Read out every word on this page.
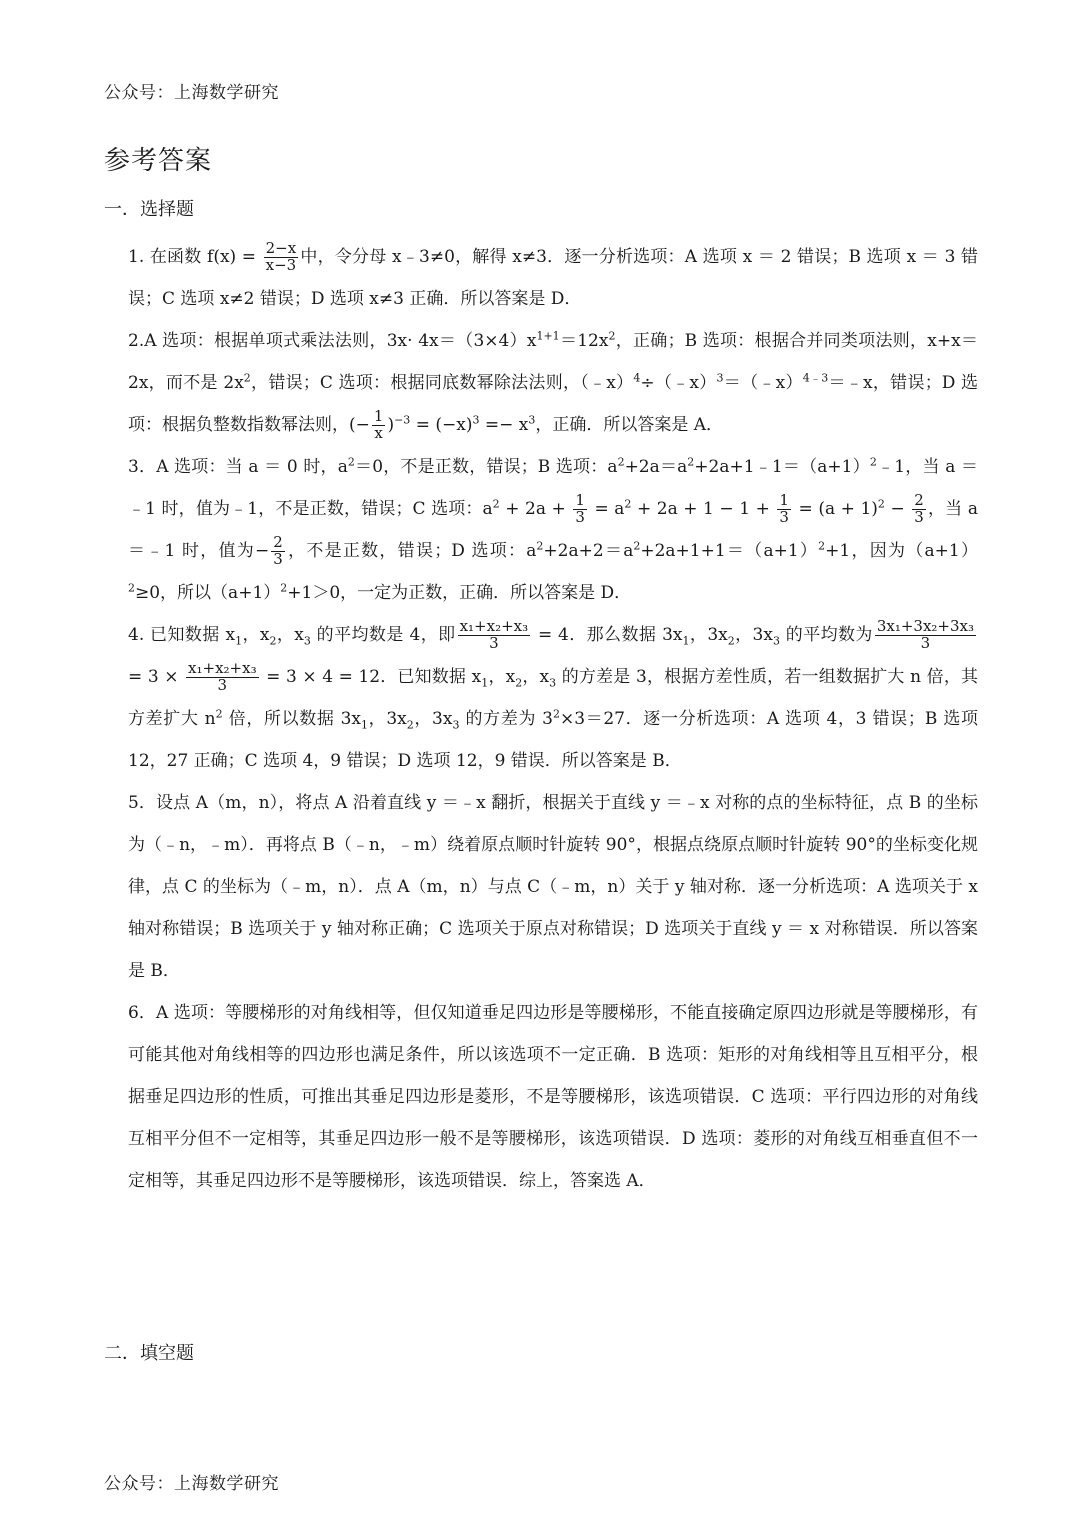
公众号：上海数学研究
参考答案
一．选择题

1. 在函数 $f(x) = \frac{2-x}{x-3}$ 中，令分母 x﹣3≠0，解得 x≠3．逐一分析选项：A 选项 x ＝ 2 错误；B 选项 x ＝ 3 错误；C 选项 x≠2 错误；D 选项 x≠3 正确．所以答案是 D．

2.A 选项：根据单项式乘法法则，$3x\cdot 4x=(3\times 4)x^{1+1}=12x^2$，正确；B 选项：根据合并同类项法则，x+x＝2x，而不是 $2x^2$，错误；C 选项：根据同底数幂除法法则，（﹣x）$^4$÷（﹣x）$^3$＝（﹣x）$^{4﹣3}$＝﹣x，错误；D 选项：根据负整数指数幂法则，(− $\frac{1}{x} )^{-3} = (-x)^3 =- x^3$，正确．所以答案是 A．

3．A 选项：当 a ＝ 0 时，$a^2=0$，不是正数，错误；B 选项：$a^2+2a=a^2+2a+1﹣1=(a+1)^2﹣1$，当 a ＝﹣1 时，值为﹣1，不是正数，错误；C 选项：$a^2 + 2a + \frac{1}{3} = a^2 + 2a + 1 - 1 + \frac{1}{3} = (a + 1)^2 - \frac{2}{3}$ ，当 a ＝﹣1 时，值为− $\frac{2}{3}$ ，不是正数，错误；D 选项：$a^2+2a+2=a^2+2a+1+1=(a+1)^2+1$，因为$(a+1)^2\ge 0$，所以$(a+1)^2+1>0$，一定为正数，正确．所以答案是 D．

4. 已知数据 $x_1$，$x_2$，$x_3$ 的平均数是 4，即 $\frac{\text{x₁+x₂+x₃}}{3} = 4$．那么数据 $3x_1$，$3x_2$，$3x_3$ 的平均数为 $\frac{\text{3x₁+3x₂+3x₃}}{3}$
= $3 \times \frac{\text{x₁+x₂+x₃}}{3} = 3 \times 4 = 12$．已知数据 $x_1$，$x_2$，$x_3$ 的方差是 3，根据方差性质，若一组数据扩大 n 倍，其方差扩大 $n^2$ 倍，所以数据 $3x_1$，$3x_2$，$3x_3$ 的方差为 $3^2\times 3=27$．逐一分析选项：A 选项 4，3 错误；B 选项 12，27 正确；C 选项 4，9 错误；D 选项 12，9 错误．所以答案是 B．

5．设点 A（m，n），将点 A 沿着直线 y ＝﹣x 翻折，根据关于直线 y ＝﹣x 对称的点的坐标特征，点 B 的坐标为（﹣n，﹣m）．再将点 B（﹣n，﹣m）绕着原点顺时针旋转 90°，根据点绕原点顺时针旋转 90°的坐标变化规律，点 C 的坐标为（﹣m，n）．点 A（m，n）与点 C（﹣m，n）关于 y 轴对称．逐一分析选项：A 选项关于 x 轴对称错误；B 选项关于 y 轴对称正确；C 选项关于原点对称错误；D 选项关于直线 y ＝ x 对称错误．所以答案是 B．

6．A 选项：等腰梯形的对角线相等，但仅知道垂足四边形是等腰梯形，不能直接确定原四边形就是等腰梯形，有可能其他对角线相等的四边形也满足条件，所以该选项不一定正确．B 选项：矩形的对角线相等且互相平分，根据垂足四边形的性质，可推出其垂足四边形是菱形，不是等腰梯形，该选项错误．C 选项：平行四边形的对角线互相平分但不一定相等，其垂足四边形一般不是等腰梯形，该选项错误．D 选项：菱形的对角线互相垂直但不一定相等，其垂足四边形不是等腰梯形，该选项错误．综上，答案选 A．

二．填空题
公众号：上海数学研究
